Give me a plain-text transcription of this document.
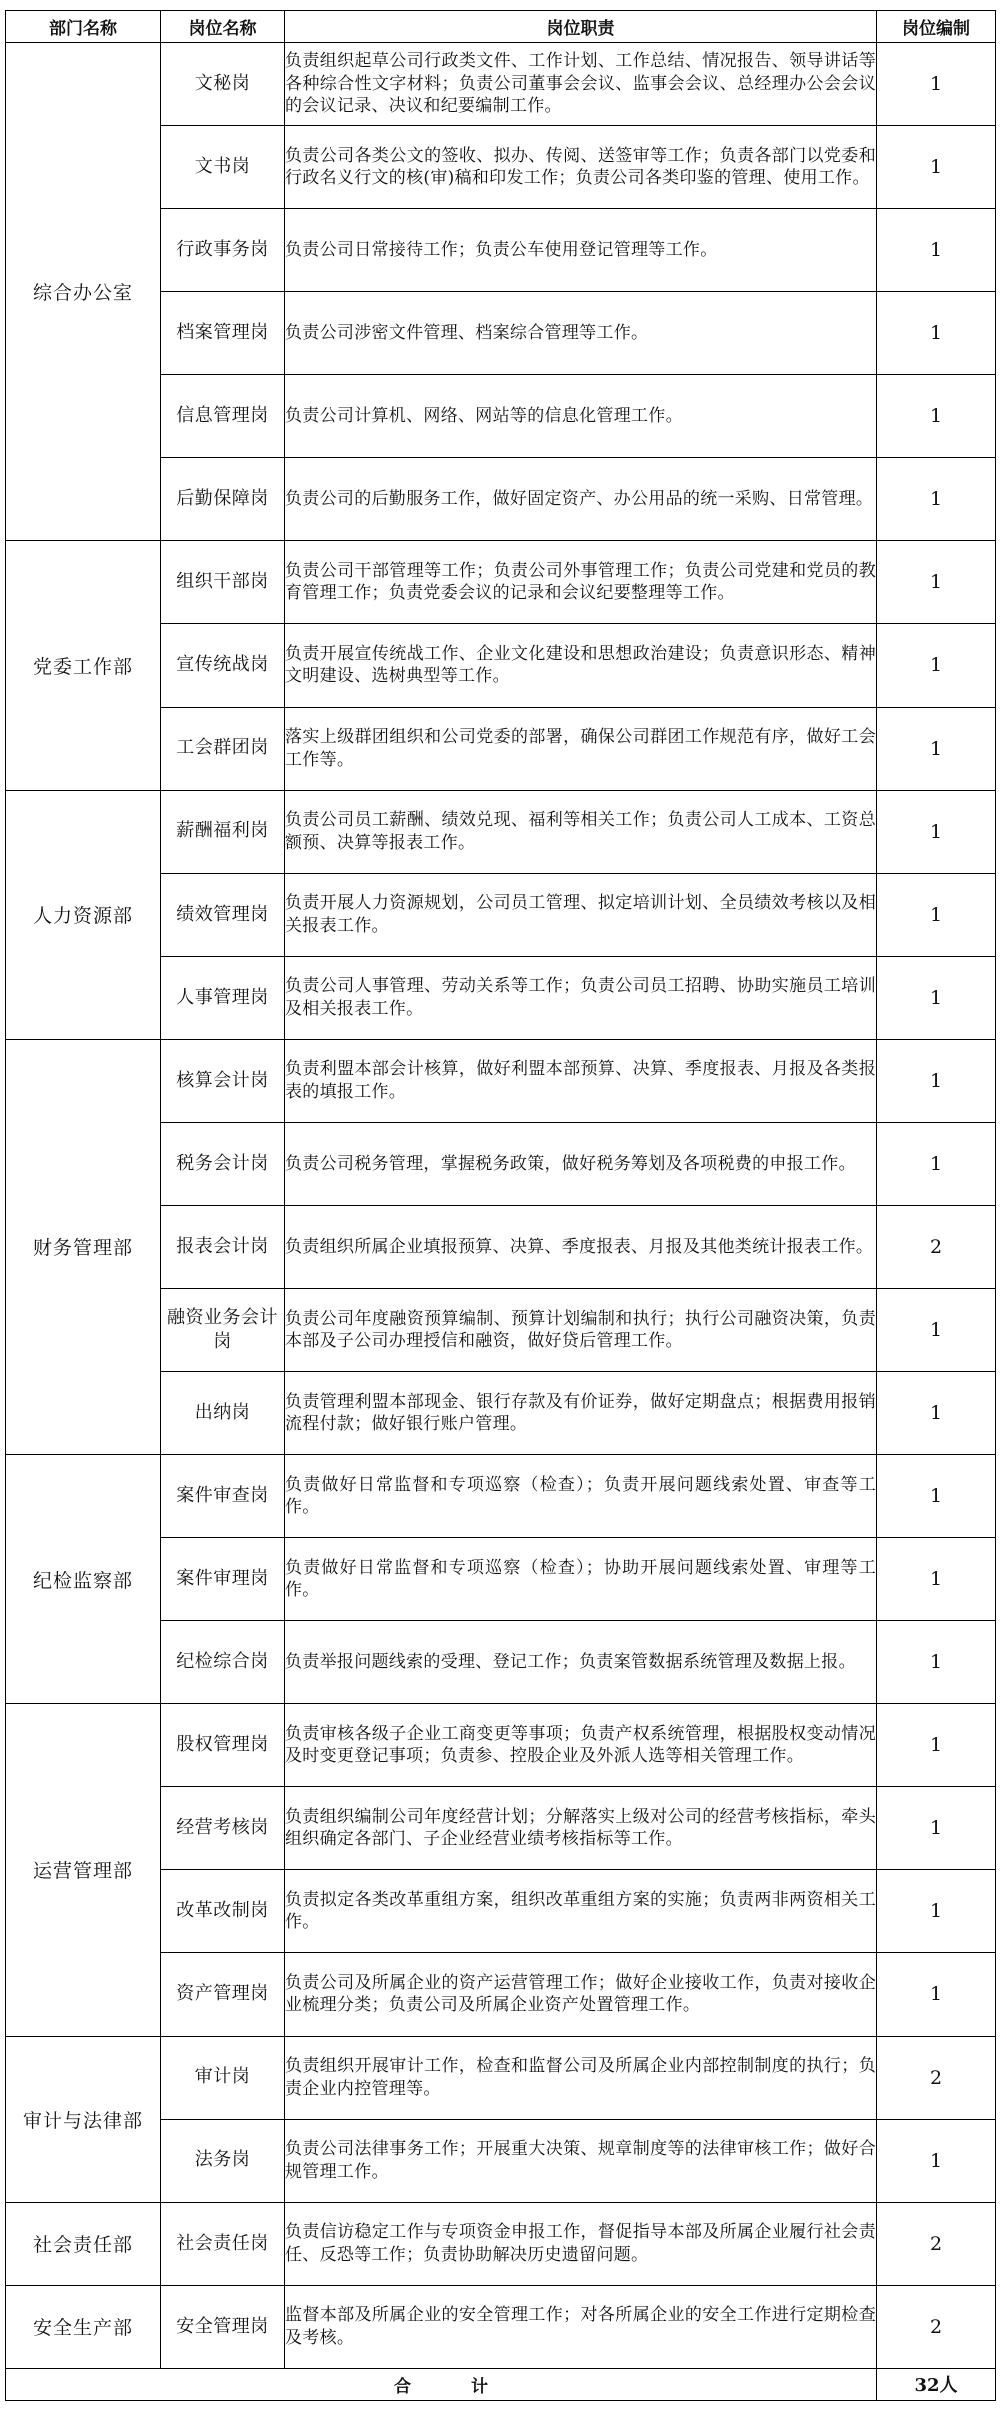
部门名称	岗位名称	岗位职责	岗位编制
综合办公室	文秘岗	负责组织起草公司行政类文件、工作计划、工作总结、情况报告、领导讲话等各种综合性文字材料；负责公司董事会会议、监事会会议、总经理办公会会议的会议记录、决议和纪要编制工作。	1
	文书岗	负责公司各类公文的签收、拟办、传阅、送签审等工作；负责各部门以党委和行政名义行文的核(审)稿和印发工作；负责公司各类印鉴的管理、使用工作。	1
	行政事务岗	负责公司日常接待工作；负责公车使用登记管理等工作。	1
	档案管理岗	负责公司涉密文件管理、档案综合管理等工作。	1
	信息管理岗	负责公司计算机、网络、网站等的信息化管理工作。	1
	后勤保障岗	负责公司的后勤服务工作，做好固定资产、办公用品的统一采购、日常管理。	1
党委工作部	组织干部岗	负责公司干部管理等工作；负责公司外事管理工作；负责公司党建和党员的教育管理工作；负责党委会议的记录和会议纪要整理等工作。	1
	宣传统战岗	负责开展宣传统战工作、企业文化建设和思想政治建设；负责意识形态、精神文明建设、选树典型等工作。	1
	工会群团岗	落实上级群团组织和公司党委的部署，确保公司群团工作规范有序，做好工会工作等。	1
人力资源部	薪酬福利岗	负责公司员工薪酬、绩效兑现、福利等相关工作；负责公司人工成本、工资总额预、决算等报表工作。	1
	绩效管理岗	负责开展人力资源规划，公司员工管理、拟定培训计划、全员绩效考核以及相关报表工作。	1
	人事管理岗	负责公司人事管理、劳动关系等工作；负责公司员工招聘、协助实施员工培训及相关报表工作。	1
财务管理部	核算会计岗	负责利盟本部会计核算，做好利盟本部预算、决算、季度报表、月报及各类报表的填报工作。	1
	税务会计岗	负责公司税务管理，掌握税务政策，做好税务筹划及各项税费的申报工作。	1
	报表会计岗	负责组织所属企业填报预算、决算、季度报表、月报及其他类统计报表工作。	2
	融资业务会计岗	负责公司年度融资预算编制、预算计划编制和执行；执行公司融资决策，负责本部及子公司办理授信和融资，做好贷后管理工作。	1
	出纳岗	负责管理利盟本部现金、银行存款及有价证券，做好定期盘点；根据费用报销流程付款；做好银行账户管理。	1
纪检监察部	案件审查岗	负责做好日常监督和专项巡察（检查）；负责开展问题线索处置、审查等工作。	1
	案件审理岗	负责做好日常监督和专项巡察（检查）；协助开展问题线索处置、审理等工作。	1
	纪检综合岗	负责举报问题线索的受理、登记工作；负责案管数据系统管理及数据上报。	1
运营管理部	股权管理岗	负责审核各级子企业工商变更等事项；负责产权系统管理，根据股权变动情况及时变更登记事项；负责参、控股企业及外派人选等相关管理工作。	1
	经营考核岗	负责组织编制公司年度经营计划；分解落实上级对公司的经营考核指标，牵头组织确定各部门、子企业经营业绩考核指标等工作。	1
	改革改制岗	负责拟定各类改革重组方案，组织改革重组方案的实施；负责两非两资相关工作。	1
	资产管理岗	负责公司及所属企业的资产运营管理工作；做好企业接收工作，负责对接收企业梳理分类；负责公司及所属企业资产处置管理工作。	1
审计与法律部	审计岗	负责组织开展审计工作，检查和监督公司及所属企业内部控制制度的执行；负责企业内控管理等。	2
	法务岗	负责公司法律事务工作；开展重大决策、规章制度等的法律审核工作；做好合规管理工作。	1
社会责任部	社会责任岗	负责信访稳定工作与专项资金申报工作，督促指导本部及所属企业履行社会责任、反恐等工作；负责协助解决历史遗留问题。	2
安全生产部	安全管理岗	监督本部及所属企业的安全管理工作；对各所属企业的安全工作进行定期检查及考核。	2
合 计			32人
